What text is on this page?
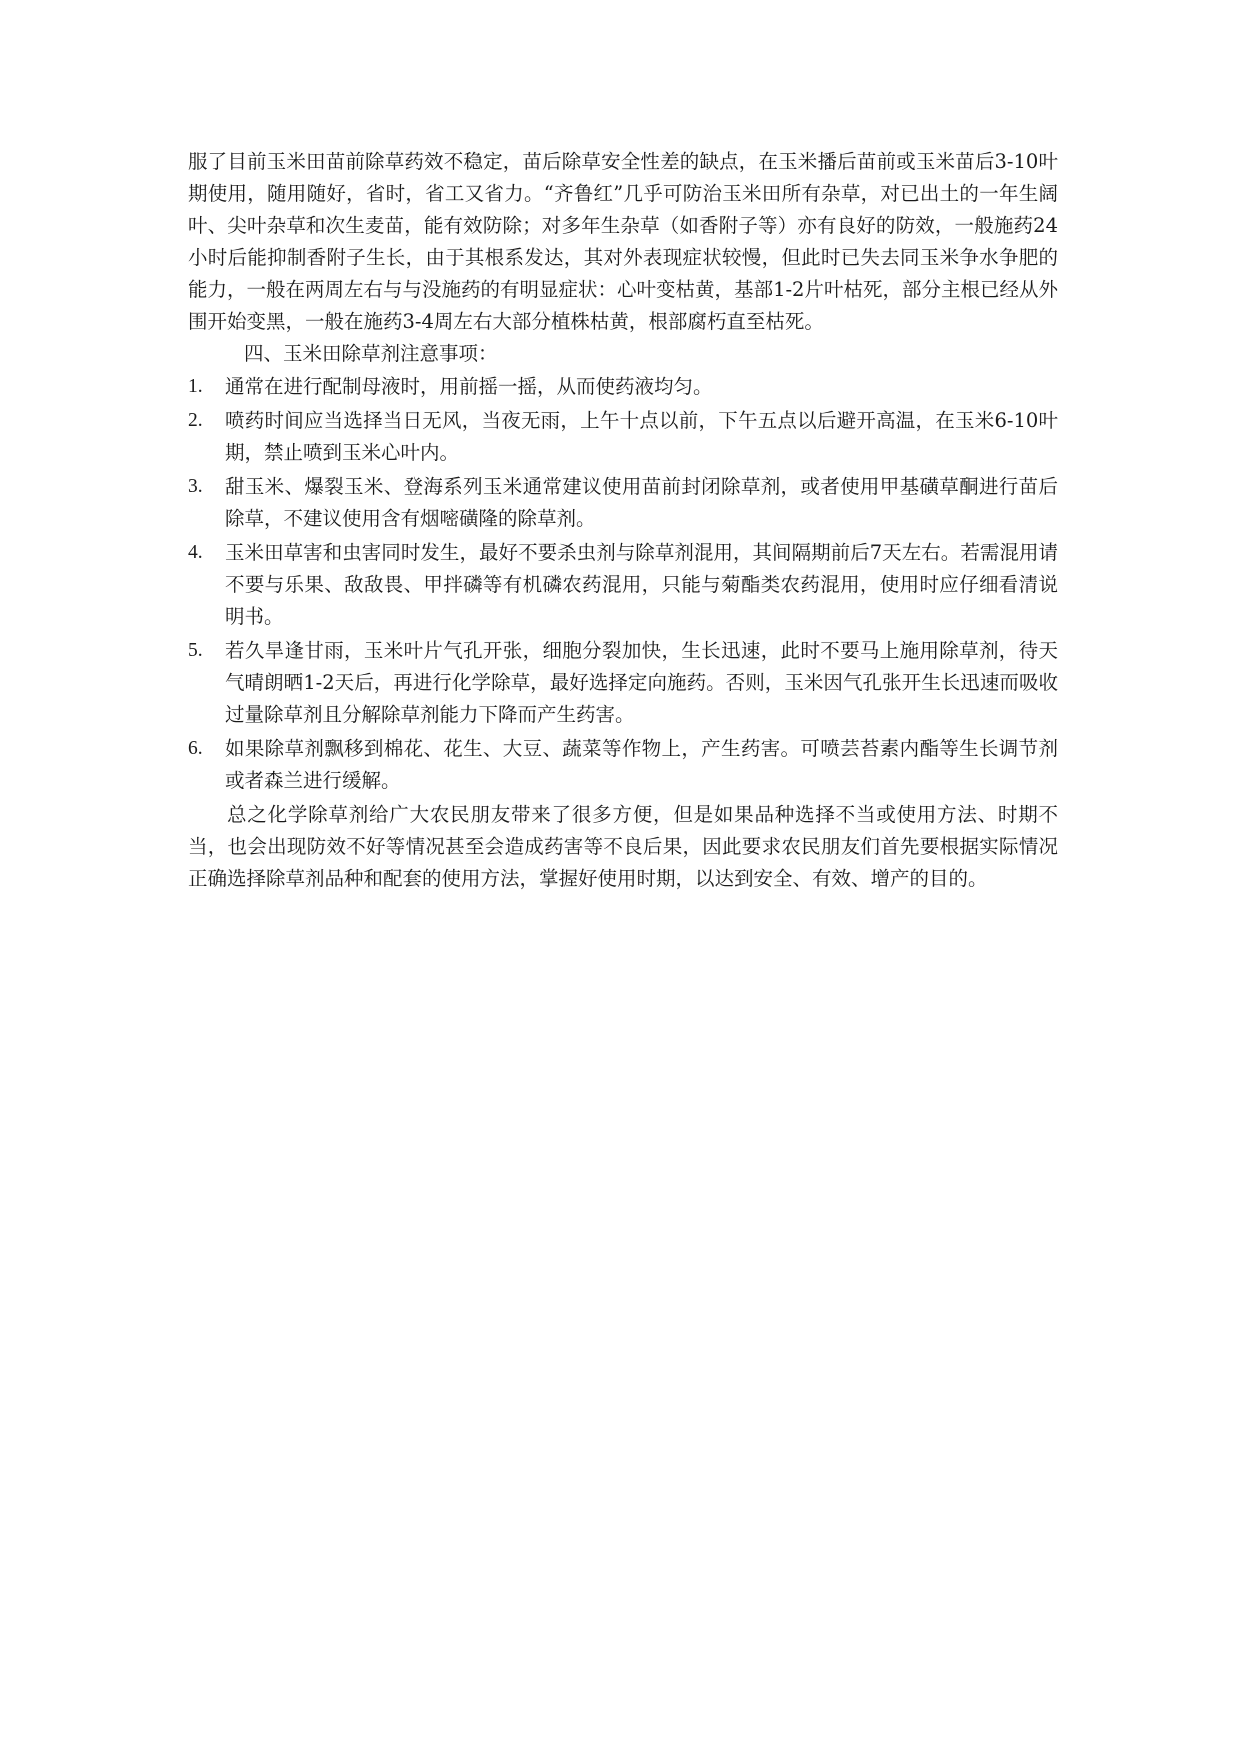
服了目前玉米田苗前除草药效不稳定，苗后除草安全性差的缺点，在玉米播后苗前或玉米苗后3-10叶期使用，随用随好，省时，省工又省力。“齐鲁红”几乎可防治玉米田所有杂草，对已出土的一年生阔叶、尖叶杂草和次生麦苗，能有效防除；对多年生杂草（如香附子等）亦有良好的防效，一般施药24小时后能抑制香附子生长，由于其根系发达，其对外表现症状较慢，但此时已失去同玉米争水争肥的能力，一般在两周左右与与没施药的有明显症状：心叶变枯黄，基部1-2片叶枯死，部分主根已经从外围开始变黑，一般在施药3-4周左右大部分植株枯黄，根部腐朽直至枯死。

四、玉米田除草剂注意事项：

1. 通常在进行配制母液时，用前摇一摇，从而使药液均匀。
2. 喷药时间应当选择当日无风，当夜无雨，上午十点以前，下午五点以后避开高温，在玉米6-10叶期，禁止喷到玉米心叶内。
3. 甜玉米、爆裂玉米、登海系列玉米通常建议使用苗前封闭除草剂，或者使用甲基磺草酮进行苗后除草，不建议使用含有烟嘧磺隆的除草剂。
4. 玉米田草害和虫害同时发生，最好不要杀虫剂与除草剂混用，其间隔期前后7天左右。若需混用请不要与乐果、敌敌畏、甲拌磷等有机磷农药混用，只能与菊酯类农药混用，使用时应仔细看清说明书。
5. 若久旱逢甘雨，玉米叶片气孔开张，细胞分裂加快，生长迅速，此时不要马上施用除草剂，待天气晴朗晒1-2天后，再进行化学除草，最好选择定向施药。否则，玉米因气孔张开生长迅速而吸收过量除草剂且分解除草剂能力下降而产生药害。
6. 如果除草剂飘移到棉花、花生、大豆、蔬菜等作物上，产生药害。可喷芸苔素内酯等生长调节剂或者森兰进行缓解。

总之化学除草剂给广大农民朋友带来了很多方便，但是如果品种选择不当或使用方法、时期不当，也会出现防效不好等情况甚至会造成药害等不良后果，因此要求农民朋友们首先要根据实际情况正确选择除草剂品种和配套的使用方法，掌握好使用时期，以达到安全、有效、增产的目的。
